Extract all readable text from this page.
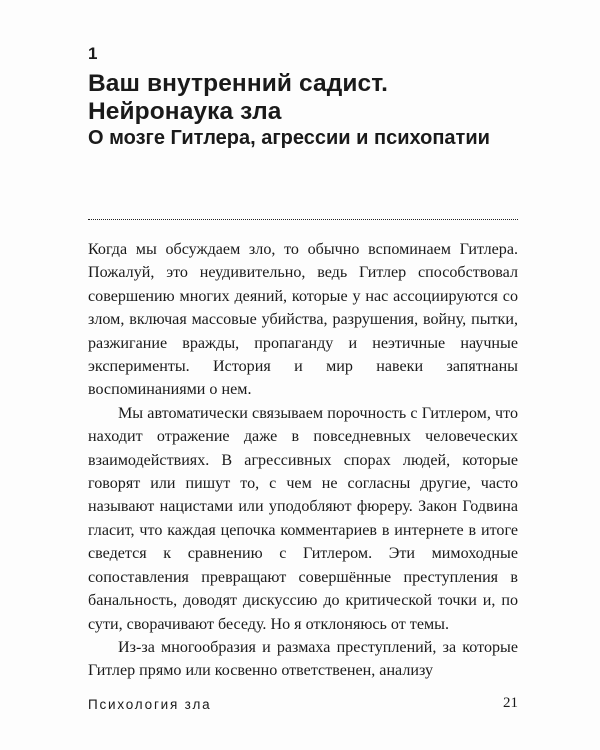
1
Ваш внутренний садист. Нейронаука зла
О мозге Гитлера, агрессии и психопатии

Когда мы обсуждаем зло, то обычно вспоминаем Гитлера. Пожалуй, это неудивительно, ведь Гитлер способствовал совершению многих деяний, которые у нас ассоциируются со злом, включая массовые убийства, разрушения, войну, пытки, разжигание вражды, пропаганду и неэтичные научные эксперименты. История и мир навеки запятнаны воспоминаниями о нем.

Мы автоматически связываем порочность с Гитлером, что находит отражение даже в повседневных человеческих взаимодействиях. В агрессивных спорах людей, которые говорят или пишут то, с чем не согласны другие, часто называют нацистами или уподобляют фюреру. Закон Годвина гласит, что каждая цепочка комментариев в интернете в итоге сведется к сравнению с Гитлером. Эти мимоходные сопоставления превращают совершённые преступления в банальность, доводят дискуссию до критической точки и, по сути, сворачивают беседу. Но я отклоняюсь от темы.

Из-за многообразия и размаха преступлений, за которые Гитлер прямо или косвенно ответственен, анализу

Психология зла	21
